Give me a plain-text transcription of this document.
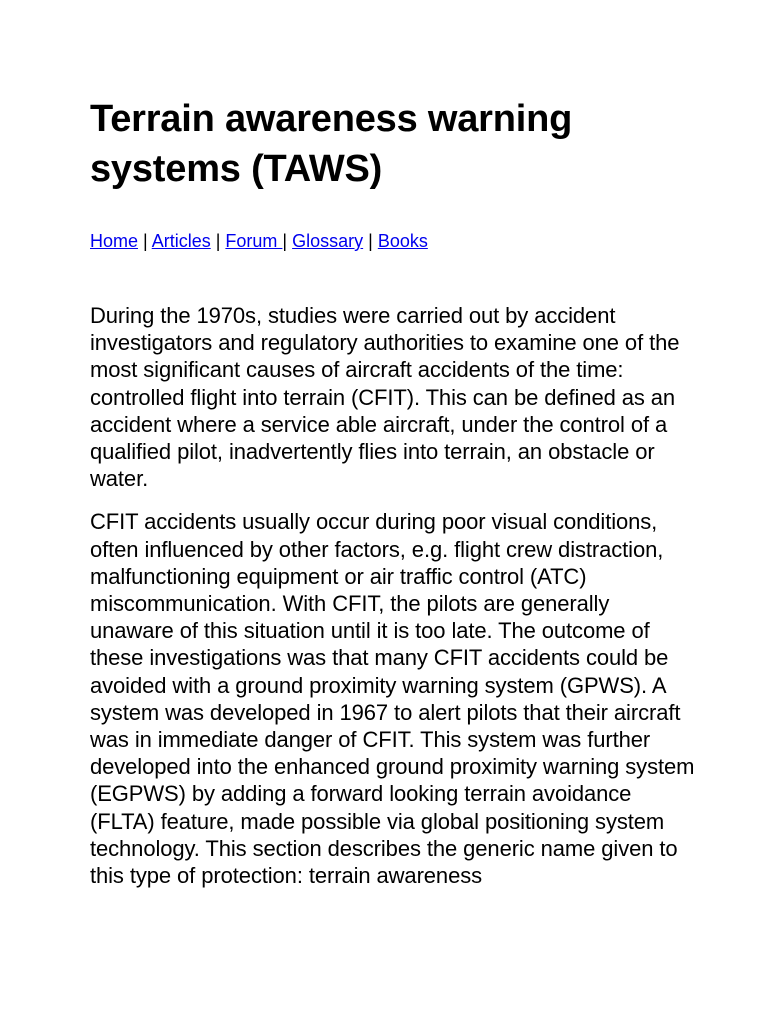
Terrain awareness warning systems (TAWS)
Home | Articles | Forum | Glossary | Books

During the 1970s, studies were carried out by accident investigators and regulatory authorities to examine one of the most significant causes of aircraft accidents of the time: controlled flight into terrain (CFIT). This can be defined as an accident where a service able aircraft, under the control of a qualified pilot, inadvertently flies into terrain, an obstacle or water.

CFIT accidents usually occur during poor visual conditions, often influenced by other factors, e.g. flight crew distraction, malfunctioning equipment or air traffic control (ATC) miscommunication. With CFIT, the pilots are generally unaware of this situation until it is too late. The outcome of these investigations was that many CFIT accidents could be avoided with a ground proximity warning system (GPWS). A system was developed in 1967 to alert pilots that their aircraft was in immediate danger of CFIT. This system was further developed into the enhanced ground proximity warning system (EGPWS) by adding a forward looking terrain avoidance (FLTA) feature, made possible via global positioning system technology. This section describes the generic name given to this type of protection: terrain awareness
